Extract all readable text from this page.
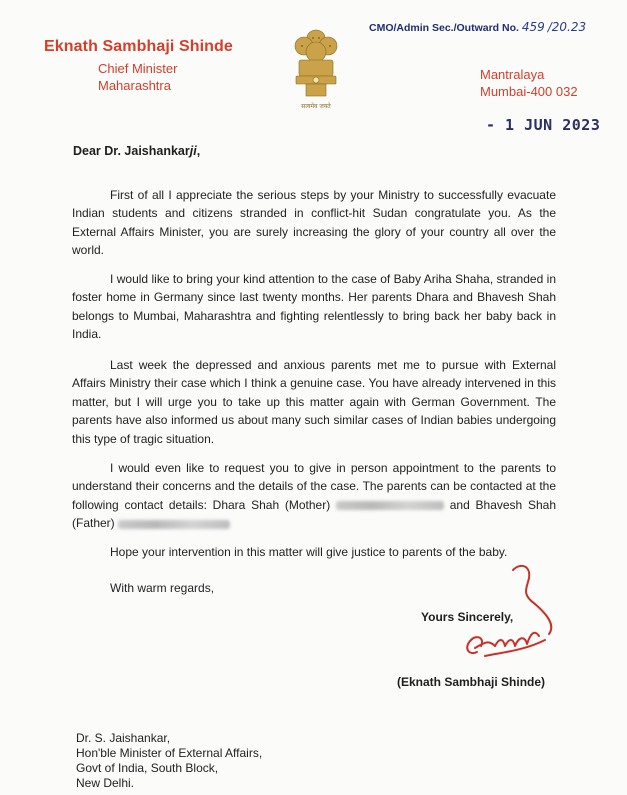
Eknath Sambhaji Shinde
Chief Minister
Maharashtra
सत्यमेव जयते
CMO/Admin Sec./Outward No. 459 /20.23
Mantralaya
Mumbai-400 032
- 1 JUN 2023
Dear Dr. Jaishankarji,
First of all I appreciate the serious steps by your Ministry to successfully evacuate Indian students and citizens stranded in conflict-hit Sudan congratulate you. As the External Affairs Minister, you are surely increasing the glory of your country all over the world.
I would like to bring your kind attention to the case of Baby Ariha Shaha, stranded in foster home in Germany since last twenty months. Her parents Dhara and Bhavesh Shah belongs to Mumbai, Maharashtra and fighting relentlessly to bring back her baby back in India.
Last week the depressed and anxious parents met me to pursue with External Affairs Ministry their case which I think a genuine case. You have already intervened in this matter, but I will urge you to take up this matter again with German Government. The parents have also informed us about many such similar cases of Indian babies undergoing this type of tragic situation.
I would even like to request you to give in person appointment to the parents to understand their concerns and the details of the case. The parents can be contacted at the following contact details: Dhara Shah (Mother)	and Bhavesh Shah (Father)
Hope your intervention in this matter will give justice to parents of the baby.
With warm regards,
Yours Sincerely,
(Eknath Sambhaji Shinde)
Dr. S. Jaishankar,
Hon'ble Minister of External Affairs,
Govt of India, South Block,
New Delhi.
